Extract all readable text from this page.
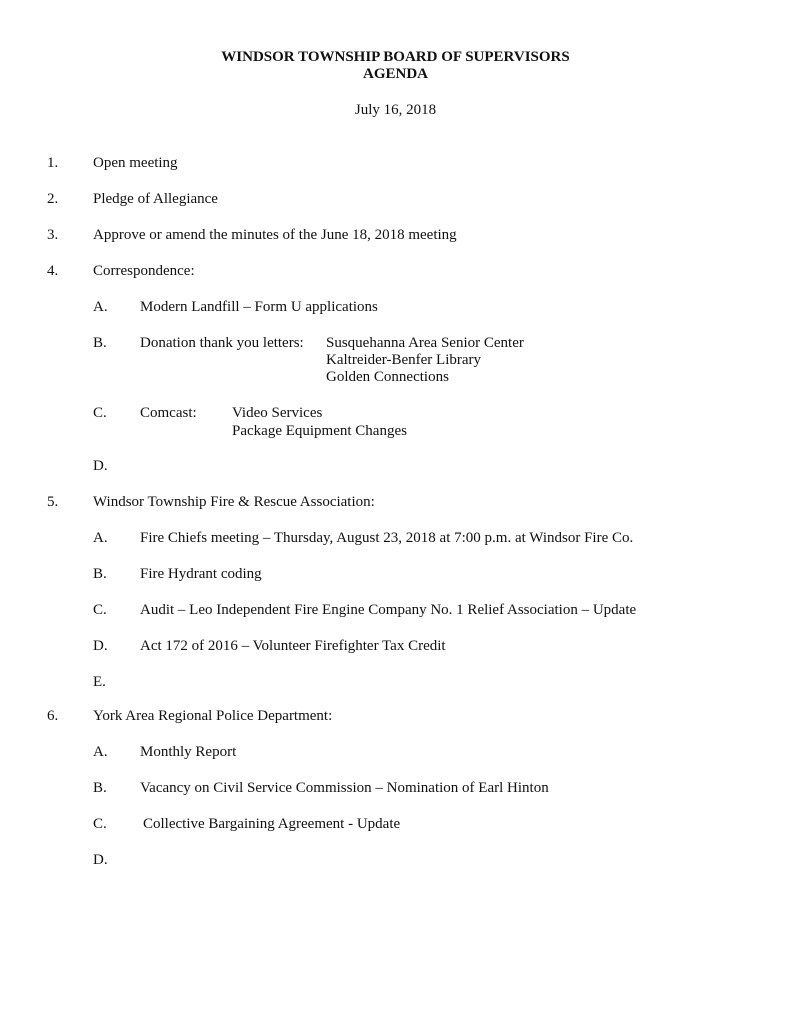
WINDSOR TOWNSHIP BOARD OF SUPERVISORS
AGENDA
July 16, 2018
1. Open meeting
2. Pledge of Allegiance
3. Approve or amend the minutes of the June 18, 2018 meeting
4. Correspondence:
A. Modern Landfill – Form U applications
B. Donation thank you letters: Susquehanna Area Senior Center
Kaltreider-Benfer Library
Golden Connections
C. Comcast: Video Services
Package Equipment Changes
D.
5. Windsor Township Fire & Rescue Association:
A. Fire Chiefs meeting – Thursday, August 23, 2018 at 7:00 p.m. at Windsor Fire Co.
B. Fire Hydrant coding
C. Audit – Leo Independent Fire Engine Company No. 1 Relief Association – Update
D. Act 172 of 2016 – Volunteer Firefighter Tax Credit
E.
6. York Area Regional Police Department:
A. Monthly Report
B. Vacancy on Civil Service Commission – Nomination of Earl Hinton
C. Collective Bargaining Agreement - Update
D.
